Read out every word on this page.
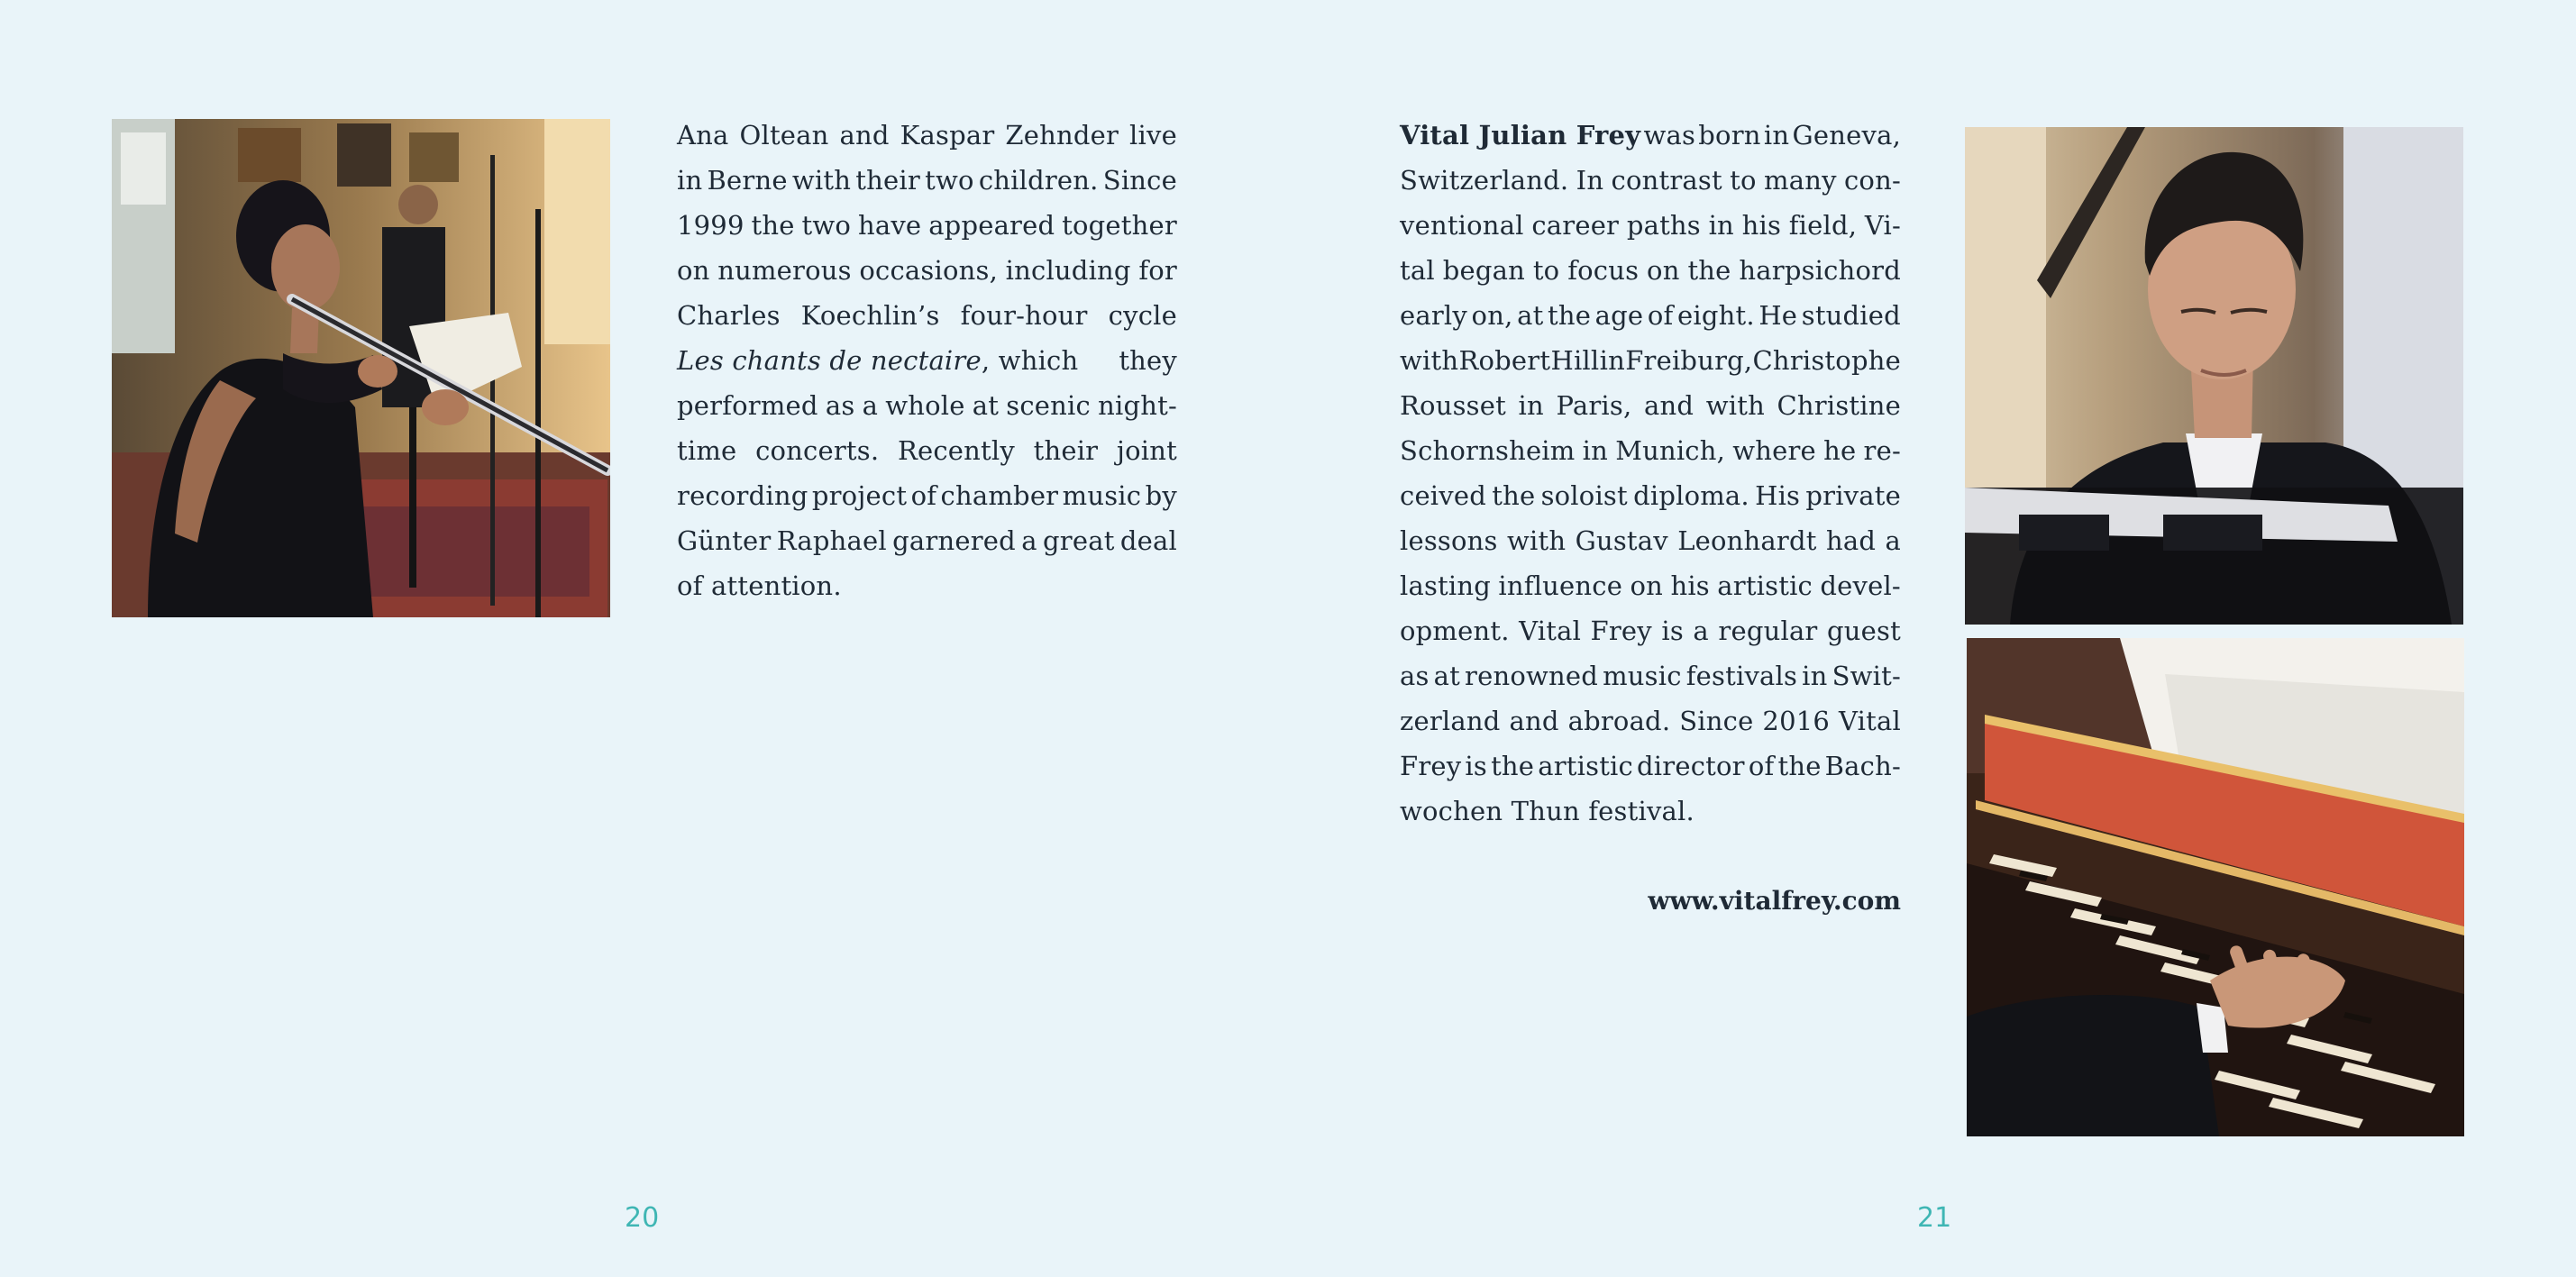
Ana Oltean and Kaspar Zehnder live
in Berne with their two children. Since
1999 the two have appeared together
on numerous occasions, including for
Charles Koechlin’s four-hour cycle
Les chants de nectaire, which they
performed as a whole at scenic night-
time concerts. Recently their joint
recording project of chamber music by
Günter Raphael garnered a great deal
of attention.
Vital Julian Frey was born in Geneva,
Switzerland. In contrast to many con-
ventional career paths in his field, Vi-
tal began to focus on the harpsichord
early on, at the age of eight. He studied
with Robert Hill in Freiburg, Christophe
Rousset in Paris, and with Christine
Schornsheim in Munich, where he re-
ceived the soloist diploma. His private
lessons with Gustav Leonhardt had a
lasting influence on his artistic devel-
opment. Vital Frey is a regular guest
as at renowned music festivals in Swit-
zerland and abroad. Since 2016 Vital
Frey is the artistic director of the Bach-
wochen Thun festival.
www.vitalfrey.com
20	21
